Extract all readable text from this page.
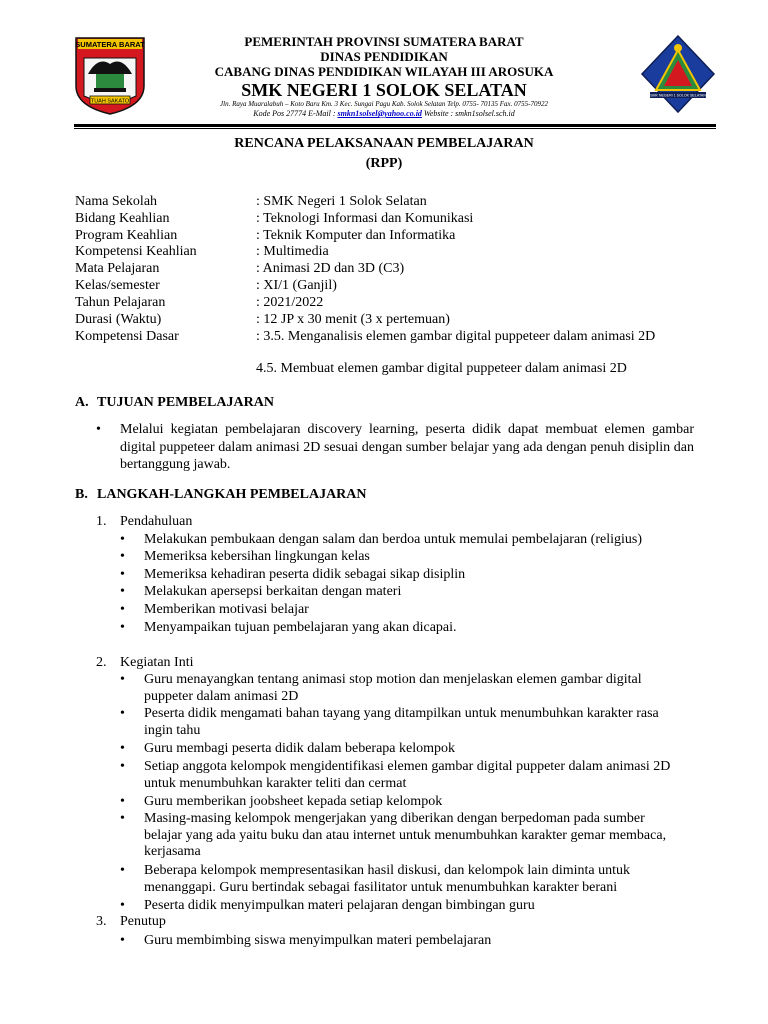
SUMATERA BARAT
TUAH SAKATO
SMK NEGERI 1 SOLOK SELATAN
PEMERINTAH PROVINSI SUMATERA BARAT
DINAS PENDIDIKAN
CABANG DINAS PENDIDIKAN WILAYAH III AROSUKA
SMK NEGERI 1 SOLOK SELATAN
Jln. Raya Muaralabuh – Koto Baru Km. 3 Kec. Sungai Pagu Kab. Solok Selatan Telp. 0755- 70135 Fax. 0755-70922
Kode Pos 27774 E-Mail : smkn1solsel@yahoo.co.id Website : smkn1solsel.sch.id
RENCANA PELAKSANAAN PEMBELAJARAN
(RPP)
Nama Sekolah	: SMK Negeri 1 Solok Selatan
Bidang Keahlian	: Teknologi Informasi dan Komunikasi
Program Keahlian	: Teknik Komputer dan Informatika
Kompetensi Keahlian	: Multimedia
Mata Pelajaran	: Animasi 2D dan 3D (C3)
Kelas/semester	: XI/1 (Ganjil)
Tahun Pelajaran	: 2021/2022
Durasi (Waktu)	: 12 JP x 30 menit (3 x pertemuan)
Kompetensi Dasar	: 3.5. Menganalisis elemen gambar digital puppeteer dalam animasi 2D
4.5. Membuat elemen gambar digital puppeteer dalam animasi 2D
A. TUJUAN PEMBELAJARAN
• Melalui kegiatan pembelajaran discovery learning, peserta didik dapat membuat elemen gambar digital puppeteer dalam animasi 2D sesuai dengan sumber belajar yang ada dengan penuh disiplin dan bertanggung jawab.
B. LANGKAH-LANGKAH PEMBELAJARAN
1. Pendahuluan
• Melakukan pembukaan dengan salam dan berdoa untuk memulai pembelajaran (religius)
• Memeriksa kebersihan lingkungan kelas
• Memeriksa kehadiran peserta didik sebagai sikap disiplin
• Melakukan apersepsi berkaitan dengan materi
• Memberikan motivasi belajar
• Menyampaikan tujuan pembelajaran yang akan dicapai.
2. Kegiatan Inti
• Guru menayangkan tentang animasi stop motion dan menjelaskan elemen gambar digital puppeter dalam animasi 2D
• Peserta didik mengamati bahan tayang yang ditampilkan untuk menumbuhkan karakter rasa ingin tahu
• Guru membagi peserta didik dalam beberapa kelompok
• Setiap anggota kelompok mengidentifikasi elemen gambar digital puppeter dalam animasi 2D untuk menumbuhkan karakter teliti dan cermat
• Guru memberikan joobsheet kepada setiap kelompok
• Masing-masing kelompok mengerjakan yang diberikan dengan berpedoman pada sumber belajar yang ada yaitu buku dan atau internet untuk menumbuhkan karakter gemar membaca, kerjasama
• Beberapa kelompok mempresentasikan hasil diskusi, dan kelompok lain diminta untuk menanggapi. Guru bertindak sebagai fasilitator untuk menumbuhkan karakter berani
• Peserta didik menyimpulkan materi pelajaran dengan bimbingan guru
3. Penutup
• Guru membimbing siswa menyimpulkan materi pembelajaran
